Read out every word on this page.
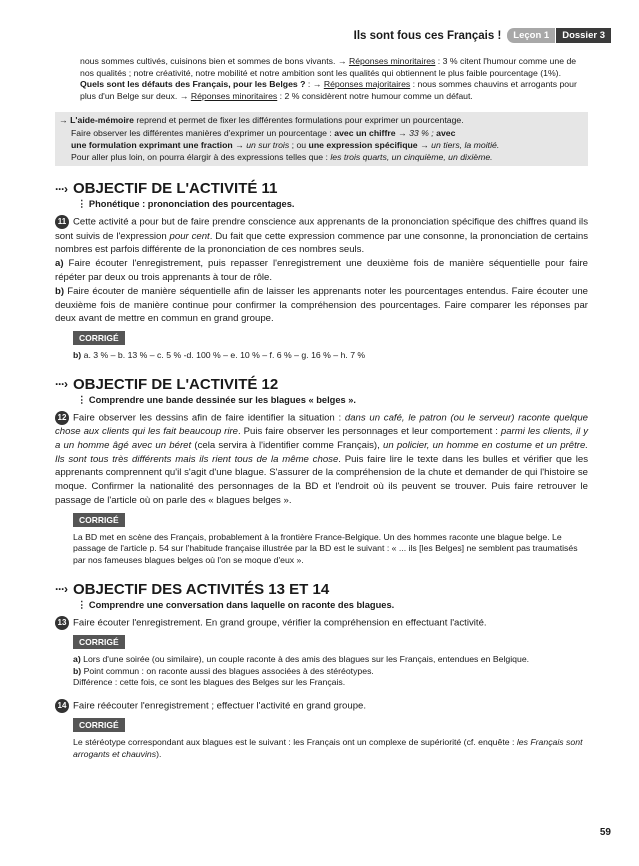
Ils sont fous ces Français !	Leçon 1	Dossier 3

nous sommes cultivés, cuisinons bien et sommes de bons vivants. → Réponses minoritaires : 3 % citent l'humour comme une de nos qualités ; notre créativité, notre mobilité et notre ambition sont les qualités qui obtiennent le plus faible pourcentage (1%).

Quels sont les défauts des Français, pour les Belges ? : → Réponses majoritaires : nous sommes chauvins et arrogants pour plus d'un Belge sur deux. → Réponses minoritaires : 2 % considèrent notre humour comme un défaut.

→ L'aide-mémoire reprend et permet de fixer les différentes formulations pour exprimer un pourcentage.

Faire observer les différentes manières d'exprimer un pourcentage : avec un chiffre → 33 % ; avec

une formulation exprimant une fraction → un sur trois ; ou une expression spécifique → un tiers, la moitié.

Pour aller plus loin, on pourra élargir à des expressions telles que : les trois quarts, un cinquième, un dixième.

···› OBJECTIF DE L'ACTIVITÉ 11
⋮ Phonétique : prononciation des pourcentages.

11 Cette activité a pour but de faire prendre conscience aux apprenants de la prononciation spécifique des chiffres quand ils sont suivis de l'expression pour cent. Du fait que cette expression commence par une consonne, la prononciation de certains nombres est parfois différente de la prononciation de ces nombres seuls.

a) Faire écouter l'enregistrement, puis repasser l'enregistrement une deuxième fois de manière séquentielle pour faire répéter par deux ou trois apprenants à tour de rôle.

b) Faire écouter de manière séquentielle afin de laisser les apprenants noter les pourcentages entendus. Faire écouter une deuxième fois de manière continue pour confirmer la compréhension des pourcentages. Faire comparer les réponses par deux avant de mettre en commun en grand groupe.

CORRIGÉ
b) a. 3 % – b. 13 % – c. 5 % -d. 100 % – e. 10 % – f. 6 % – g. 16 % – h. 7 %
···› OBJECTIF DE L'ACTIVITÉ 12
⋮ Comprendre une bande dessinée sur les blagues « belges ».

12 Faire observer les dessins afin de faire identifier la situation : dans un café, le patron (ou le serveur) raconte quelque chose aux clients qui les fait beaucoup rire. Puis faire observer les personnages et leur comportement : parmi les clients, il y a un homme âgé avec un béret (cela servira à l'identifier comme Français), un policier, un homme en costume et un prêtre. Ils sont tous très différents mais ils rient tous de la même chose. Puis faire lire le texte dans les bulles et vérifier que les apprenants comprennent qu'il s'agit d'une blague. S'assurer de la compréhension de la chute et demander de qui l'histoire se moque. Confirmer la nationalité des personnages de la BD et l'endroit où ils peuvent se trouver. Puis faire retrouver le passage de l'article où on parle des « blagues belges ».

CORRIGÉ
La BD met en scène des Français, probablement à la frontière France-Belgique. Un des hommes raconte une blague belge. Le passage de l'article p. 54 sur l'habitude française illustrée par la BD est le suivant : « ... ils [les Belges] ne semblent pas traumatisés par nos fameuses blagues belges où l'on se moque d'eux ».
···› OBJECTIF DES ACTIVITÉS 13 ET 14
⋮ Comprendre une conversation dans laquelle on raconte des blagues.

13 Faire écouter l'enregistrement. En grand groupe, vérifier la compréhension en effectuant l'activité.

CORRIGÉ

a) Lors d'une soirée (ou similaire), un couple raconte à des amis des blagues sur les Français, entendues en Belgique.

b) Point commun : on raconte aussi des blagues associées à des stéréotypes.

Différence : cette fois, ce sont les blagues des Belges sur les Français.

14 Faire réécouter l'enregistrement ; effectuer l'activité en grand groupe.

CORRIGÉ
Le stéréotype correspondant aux blagues est le suivant : les Français ont un complexe de supériorité (cf. enquête : les Français sont arrogants et chauvins).
59
